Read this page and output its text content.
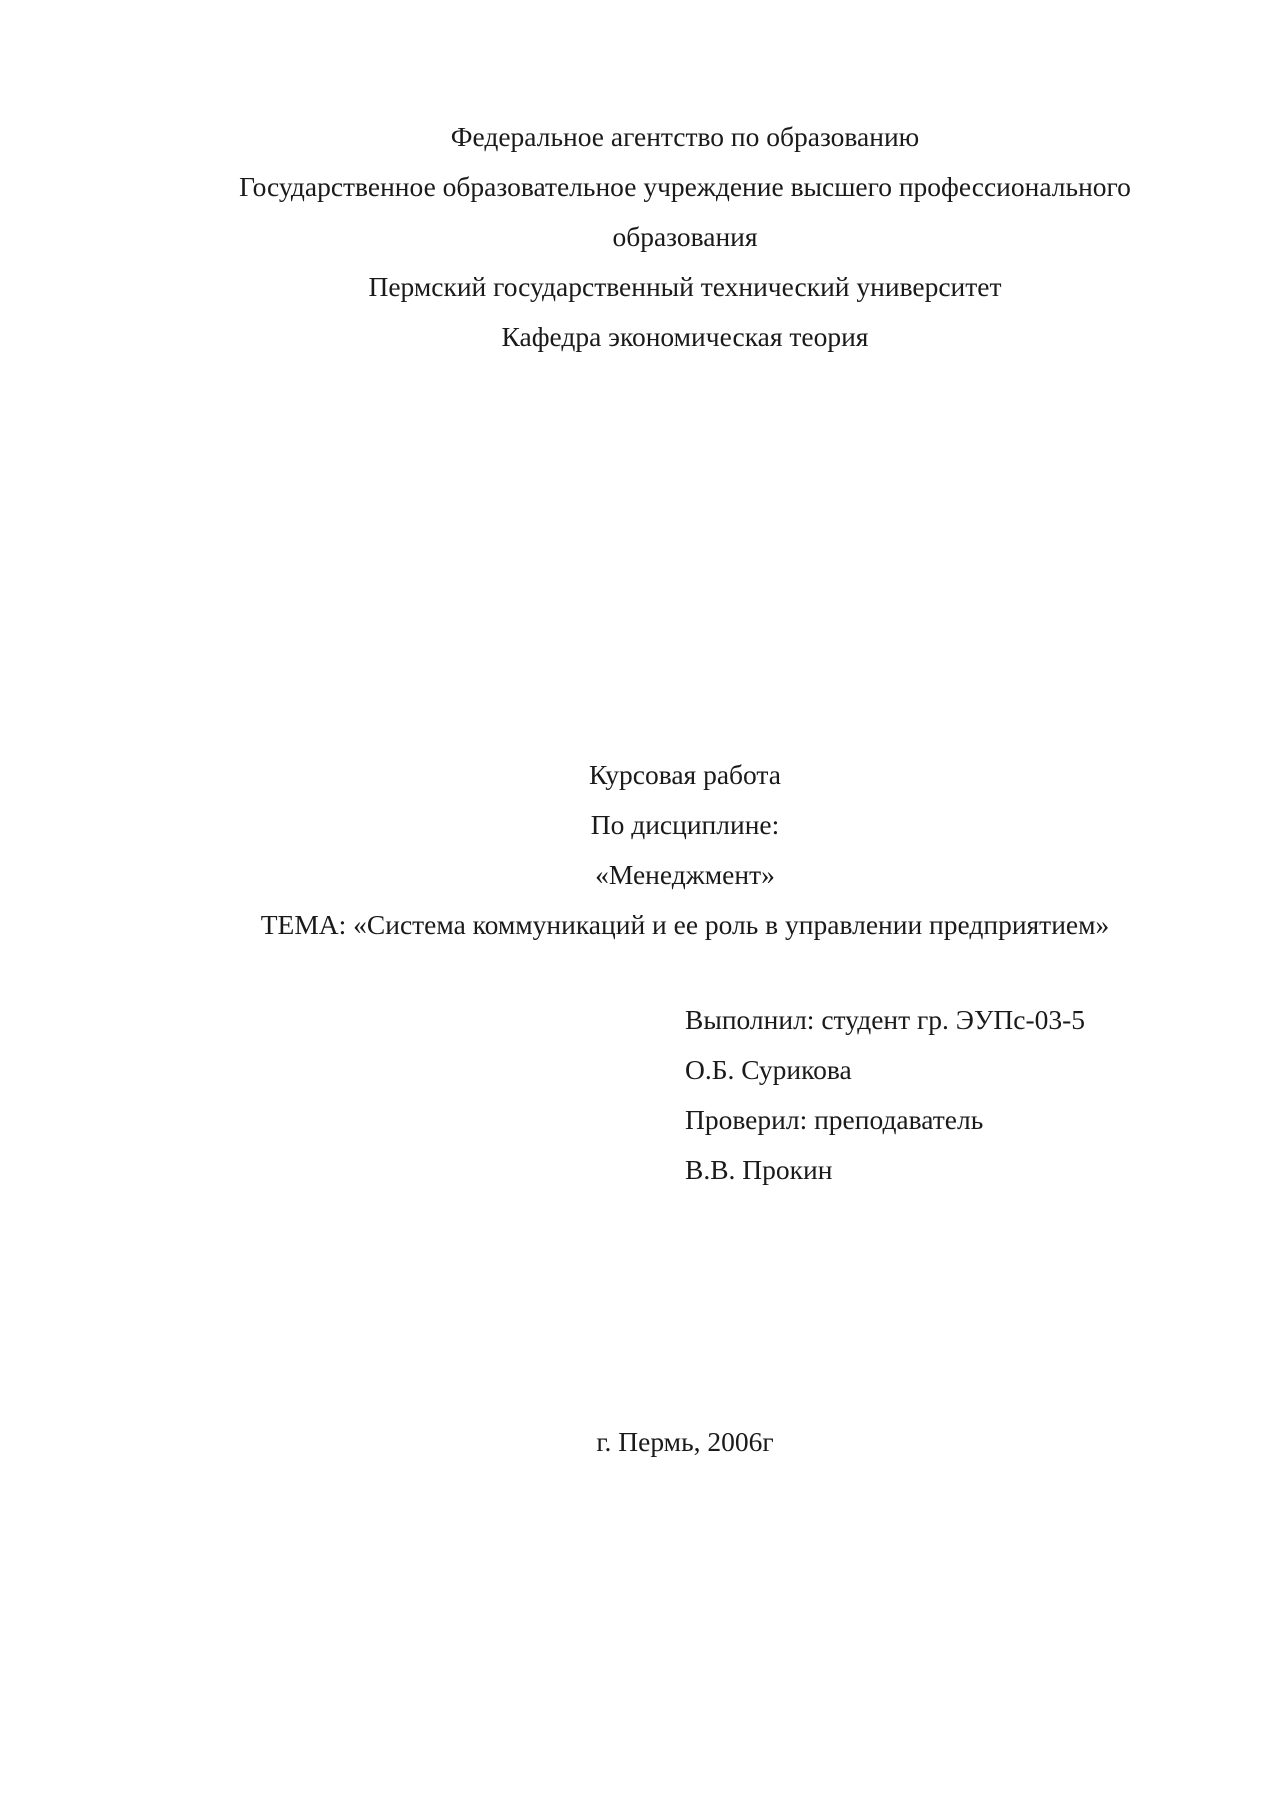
Федеральное агентство по образованию
Государственное образовательное учреждение высшего профессионального
образования
Пермский государственный технический университет
Кафедра экономическая теория
Курсовая работа
По дисциплине:
«Менеджмент»
ТЕМА: «Система коммуникаций и ее роль в управлении предприятием»
Выполнил: студент гр. ЭУПс-03-5
О.Б. Сурикова
Проверил: преподаватель
В.В. Прокин
г. Пермь, 2006г
